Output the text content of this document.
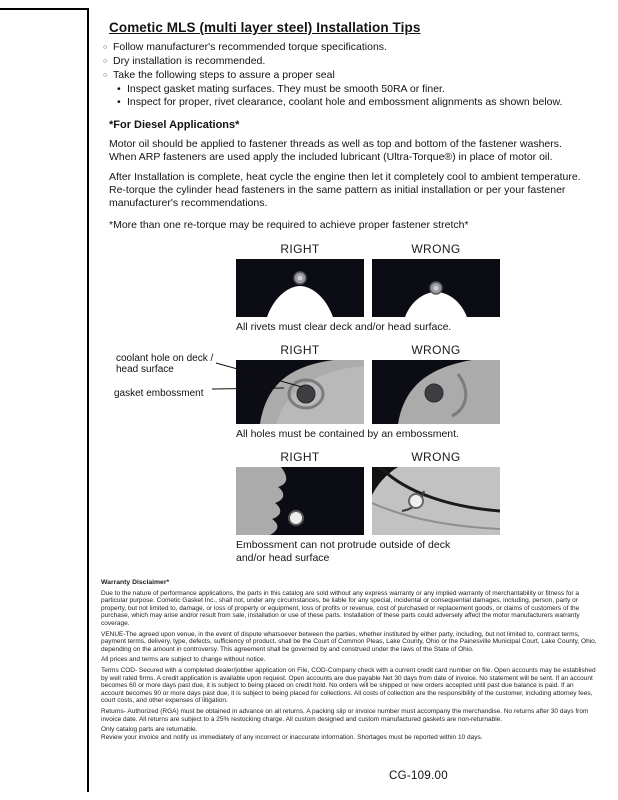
Cometic MLS (multi layer steel) Installation Tips
○
Follow manufacturer's recommended torque specifications.
○
Dry installation is recommended.
○
Take the following steps to assure a proper seal
•
Inspect gasket mating surfaces. They must be smooth 50RA or finer.
•
Inspect for proper, rivet clearance, coolant hole and embossment alignments as shown below.
*For Diesel Applications*
Motor oil should be applied to fastener threads as well as top and bottom of the fastener washers. When ARP fasteners are used apply the included lubricant (Ultra-Torque®) in place of motor oil.
After Installation is complete, heat cycle the engine then let it completely cool to ambient temperature. Re-torque the cylinder head fasteners in the same pattern as initial installation or per your fastener manufacturer's recommendations.
*More than one re-torque may be required to achieve proper fastener stretch*
RIGHT	WRONG
All rivets must clear deck and/or head surface.
RIGHT	WRONG
All holes must be contained by an embossment.
coolant hole on deck / head surface
gasket embossment
RIGHT	WRONG
Embossment can not protrude outside of deck and/or head surface
Warranty Disclaimer*

Due to the nature of performance applications, the parts in this catalog are sold without any express warranty or any implied warranty of merchantability or fitness for a particular purpose. Cometic Gasket Inc., shall not, under any circumstances, be liable for any special, incidental or consequential damages, including, person, party or property, but not limited to, damage, or loss of property or equipment, loss of profits or revenue, cost of purchased or replacement goods, or claims of customers of the purchase, which may arise and/or result from sale, installation or use of these parts. Installation of these parts could adversely affect the motor manufacturers warranty coverage.

VENUE-The agreed upon venue, in the event of dispute whatsoever between the parties, whether instituted by either party, including, but not limited to, contract terms, payment terms, delivery, type, defects, sufficiency of product, shall be the Court of Common Pleas, Lake County, Ohio or the Painesville Municipal Court, Lake County, Ohio, depending on the amount in controversy. This agreement shall be governed by and construed under the laws of the State of Ohio.

All prices and terms are subject to change without notice.

Terms COD- Secured with a completed dealer/jobber application on File, COD-Company check with a current credit card number on file. Open accounts may be established by well rated firms. A credit application is available upon request. Open accounts are due payable Net 30 days from date of invoice. No statement will be sent. If an account becomes 60 or more days past due, it is subject to being placed on credit hold. No orders will be shipped or new orders accepted until past due balance is paid. If an account becomes 90 or more days past due, it is subject to being placed for collections. All costs of collection are the responsibility of the customer, including attorney fees, court costs, and other expenses of litigation.

Returns- Authorized (RGA) must be obtained in advance on all returns. A packing slip or invoice number must accompany the merchandise. No returns after 30 days from invoice date. All returns are subject to a 25% restocking charge. All custom designed and custom manufactured gaskets are non-returnable.

Only catalog parts are returnable.

Review your invoice and notify us immediately of any incorrect or inaccurate information. Shortages must be reported within 10 days.

CG-109.00
